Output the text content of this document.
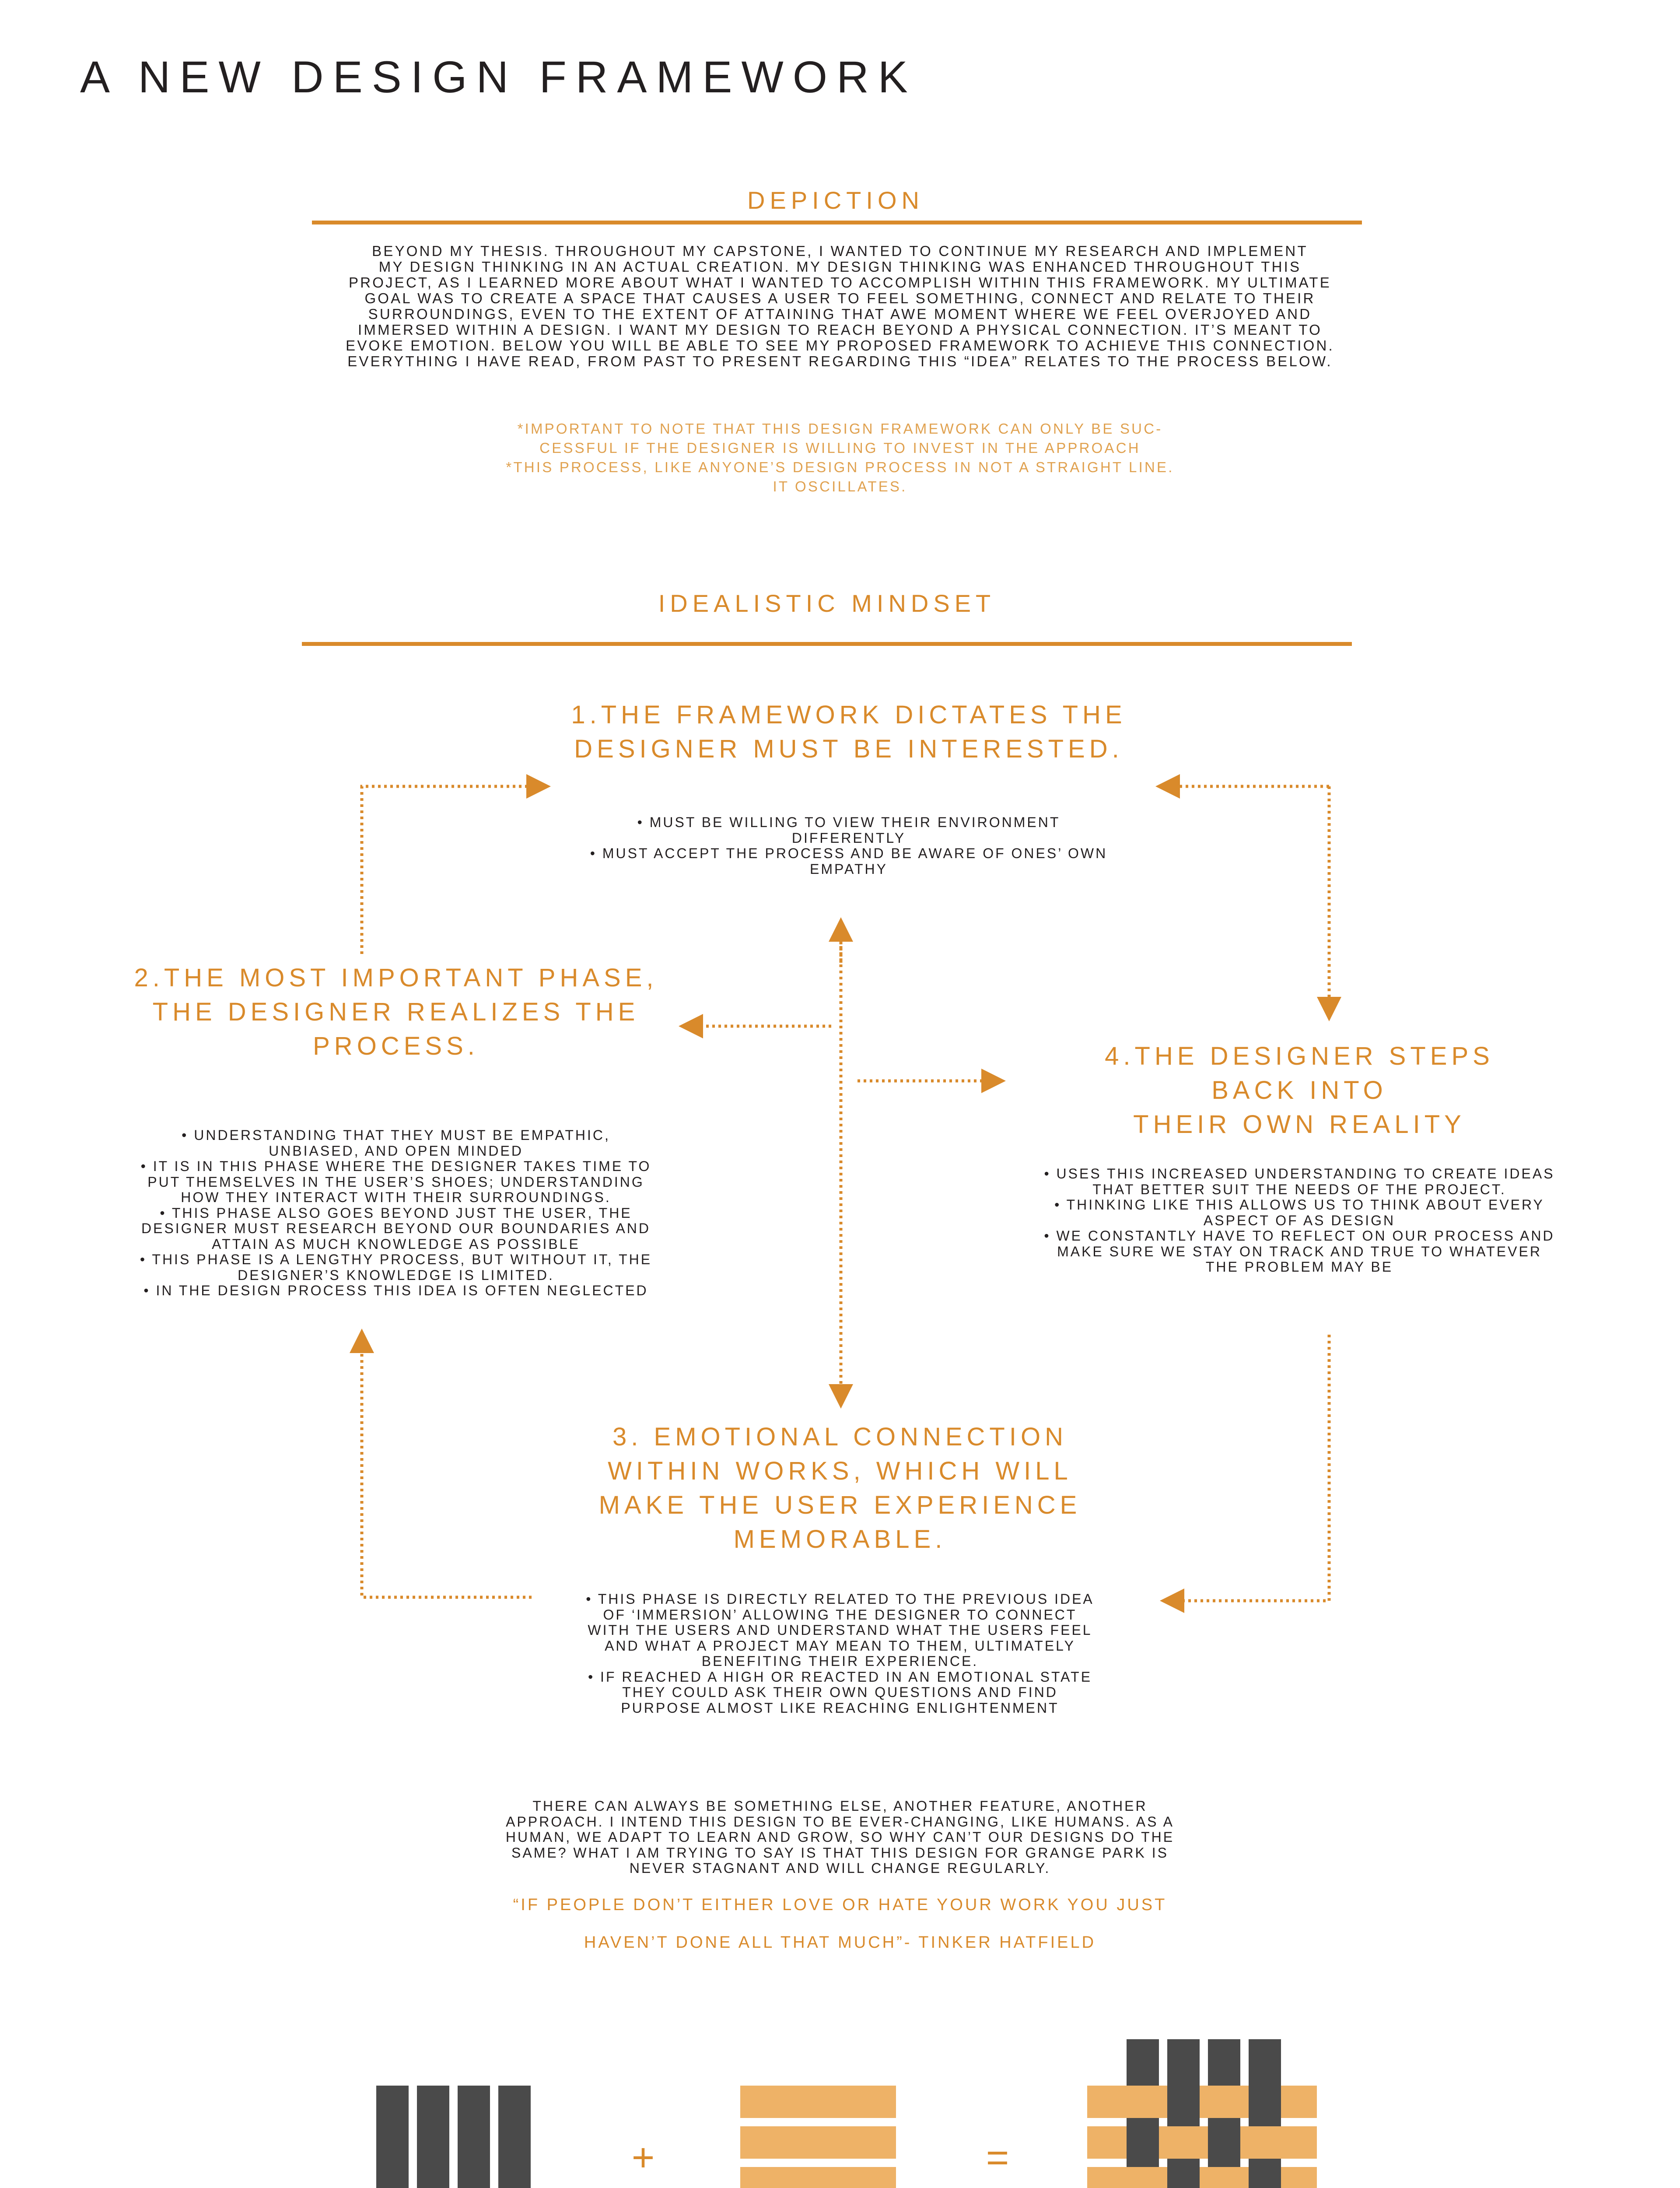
A NEW DESIGN FRAMEWORK
DEPICTION
BEYOND MY THESIS. THROUGHOUT MY CAPSTONE, I WANTED TO CONTINUE MY RESEARCH AND IMPLEMENT
MY DESIGN THINKING IN AN ACTUAL CREATION. MY DESIGN THINKING WAS ENHANCED THROUGHOUT THIS
PROJECT, AS I LEARNED MORE ABOUT WHAT I WANTED TO ACCOMPLISH WITHIN THIS FRAMEWORK. MY ULTIMATE
GOAL WAS TO CREATE A SPACE THAT CAUSES A USER TO FEEL SOMETHING, CONNECT AND RELATE TO THEIR
SURROUNDINGS, EVEN TO THE EXTENT OF ATTAINING THAT AWE MOMENT WHERE WE FEEL OVERJOYED AND
IMMERSED WITHIN A DESIGN. I WANT MY DESIGN TO REACH BEYOND A PHYSICAL CONNECTION. IT’S MEANT TO
EVOKE EMOTION. BELOW YOU WILL BE ABLE TO SEE MY PROPOSED FRAMEWORK TO ACHIEVE THIS CONNECTION.
EVERYTHING I HAVE READ, FROM PAST TO PRESENT REGARDING THIS “IDEA” RELATES TO THE PROCESS BELOW.
*IMPORTANT TO NOTE THAT THIS DESIGN FRAMEWORK CAN ONLY BE SUC-
CESSFUL IF THE DESIGNER IS WILLING TO INVEST IN THE APPROACH
*THIS PROCESS, LIKE ANYONE’S DESIGN PROCESS IN NOT A STRAIGHT LINE.
IT OSCILLATES.
IDEALISTIC MINDSET
1.THE FRAMEWORK DICTATES THE
DESIGNER MUST BE INTERESTED.
• MUST BE WILLING TO VIEW THEIR ENVIRONMENT
DIFFERENTLY
• MUST ACCEPT THE PROCESS AND BE AWARE OF ONES’ OWN
EMPATHY
2.THE MOST IMPORTANT PHASE,
THE DESIGNER REALIZES THE
PROCESS.
• UNDERSTANDING THAT THEY MUST BE EMPATHIC,
UNBIASED, AND OPEN MINDED
• IT IS IN THIS PHASE WHERE THE DESIGNER TAKES TIME TO
PUT THEMSELVES IN THE USER’S SHOES; UNDERSTANDING
HOW THEY INTERACT WITH THEIR SURROUNDINGS.
• THIS PHASE ALSO GOES BEYOND JUST THE USER, THE
DESIGNER MUST RESEARCH BEYOND OUR BOUNDARIES AND
ATTAIN AS MUCH KNOWLEDGE AS POSSIBLE
• THIS PHASE IS A LENGTHY PROCESS, BUT WITHOUT IT, THE
DESIGNER’S KNOWLEDGE IS LIMITED.
• IN THE DESIGN PROCESS THIS IDEA IS OFTEN NEGLECTED
4.THE DESIGNER STEPS
BACK INTO
THEIR OWN REALITY
• USES THIS INCREASED UNDERSTANDING TO CREATE IDEAS
THAT BETTER SUIT THE NEEDS OF THE PROJECT.
• THINKING LIKE THIS ALLOWS US TO THINK ABOUT EVERY
ASPECT OF AS DESIGN
• WE CONSTANTLY HAVE TO REFLECT ON OUR PROCESS AND
MAKE SURE WE STAY ON TRACK AND TRUE TO WHATEVER
THE PROBLEM MAY BE
3. EMOTIONAL CONNECTION
WITHIN WORKS, WHICH WILL
MAKE THE USER EXPERIENCE
MEMORABLE.
• THIS PHASE IS DIRECTLY RELATED TO THE PREVIOUS IDEA
OF ‘IMMERSION’ ALLOWING THE DESIGNER TO CONNECT
WITH THE USERS AND UNDERSTAND WHAT THE USERS FEEL
AND WHAT A PROJECT MAY MEAN TO THEM, ULTIMATELY
BENEFITING THEIR EXPERIENCE.
• IF REACHED A HIGH OR REACTED IN AN EMOTIONAL STATE
THEY COULD ASK THEIR OWN QUESTIONS AND FIND
PURPOSE ALMOST LIKE REACHING ENLIGHTENMENT
THERE CAN ALWAYS BE SOMETHING ELSE, ANOTHER FEATURE, ANOTHER
APPROACH. I INTEND THIS DESIGN TO BE EVER-CHANGING, LIKE HUMANS. AS A
HUMAN, WE ADAPT TO LEARN AND GROW, SO WHY CAN’T OUR DESIGNS DO THE
SAME? WHAT I AM TRYING TO SAY IS THAT THIS DESIGN FOR GRANGE PARK IS
NEVER STAGNANT AND WILL CHANGE REGULARLY.
“IF PEOPLE DON’T EITHER LOVE OR HATE YOUR WORK YOU JUST
HAVEN’T DONE ALL THAT MUCH”- TINKER HATFIELD
+	=
